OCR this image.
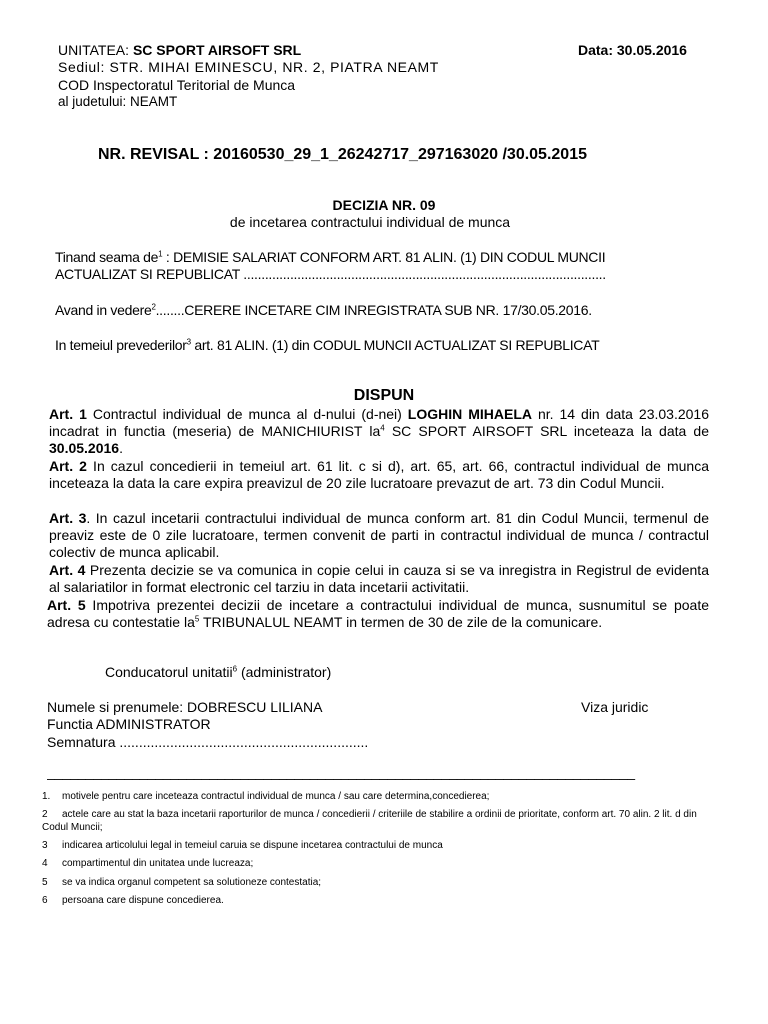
UNITATEA: SC SPORT AIRSOFT SRL	Data: 30.05.2016
Sediul: STR. MIHAI EMINESCU, NR. 2, PIATRA NEAMT
COD Inspectoratul Teritorial de Munca
al judetului: NEAMT
NR. REVISAL : 20160530_29_1_26242717_297163020 /30.05.2015
DECIZIA NR. 09
de incetarea contractului individual de munca
Tinand seama $de^1$ : DEMISIE SALARIAT CONFORM ART. 81 ALIN. (1) DIN CODUL MUNCII
ACTUALIZAT SI REPUBLICAT .....................................................................................................
Avand in vedere$^2$........CERERE INCETARE CIM INREGISTRATA SUB NR. 17/30.05.2016.
In temeiul prevederilor$^3$ art. 81 ALIN. (1) din CODUL MUNCII ACTUALIZAT SI REPUBLICAT
DISPUN
Art. 1 Contractul individual de munca al d-nului (d-nei) LOGHIN MIHAELA nr. 14 din data 23.03.2016 incadrat in functia (meseria) de MANICHIURIST $la^4$ SC SPORT AIRSOFT SRL inceteaza la data de 30.05.2016.
Art. 2 In cazul concedierii in temeiul art. 61 lit. c si d), art. 65, art. 66, contractul individual de munca inceteaza la data la care expira preavizul de 20 zile lucratoare prevazut de art. 73 din Codul Muncii.
Art. 3. In cazul incetarii contractului individual de munca conform art. 81 din Codul Muncii, termenul de preaviz este de 0 zile lucratoare, termen convenit de parti in contractul individual de munca / contractul colectiv de munca aplicabil.
Art. 4 Prezenta decizie se va comunica in copie celui in cauza si se va inregistra in Registrul de evidenta al salariatilor in format electronic cel tarziu in data incetarii activitatii.
Art. 5 Impotriva prezentei decizii de incetare a contractului individual de munca, susnumitul se poate adresa cu contestatie $la^5$ TRIBUNALUL NEAMT in termen de 30 de zile de la comunicare.
Conducatorul unitatii$^6$ (administrator)
Numele si prenumele: DOBRESCU LILIANA	Viza juridic
Functia ADMINISTRATOR
Semnatura ................................................................
____________________________________________________________________________
1. motivele pentru care inceteaza contractul individual de munca / sau care determina,concedierea;
2 actele care au stat la baza incetarii raporturilor de munca / concedierii / criteriile de stabilire a ordinii de prioritate, conform art. 70 alin. 2 lit. d din Codul Muncii;
3 indicarea articolului legal in temeiul caruia se dispune incetarea contractului de munca
4 compartimentul din unitatea unde lucreaza;
5 se va indica organul competent sa solutioneze contestatia;
6 persoana care dispune concedierea.
